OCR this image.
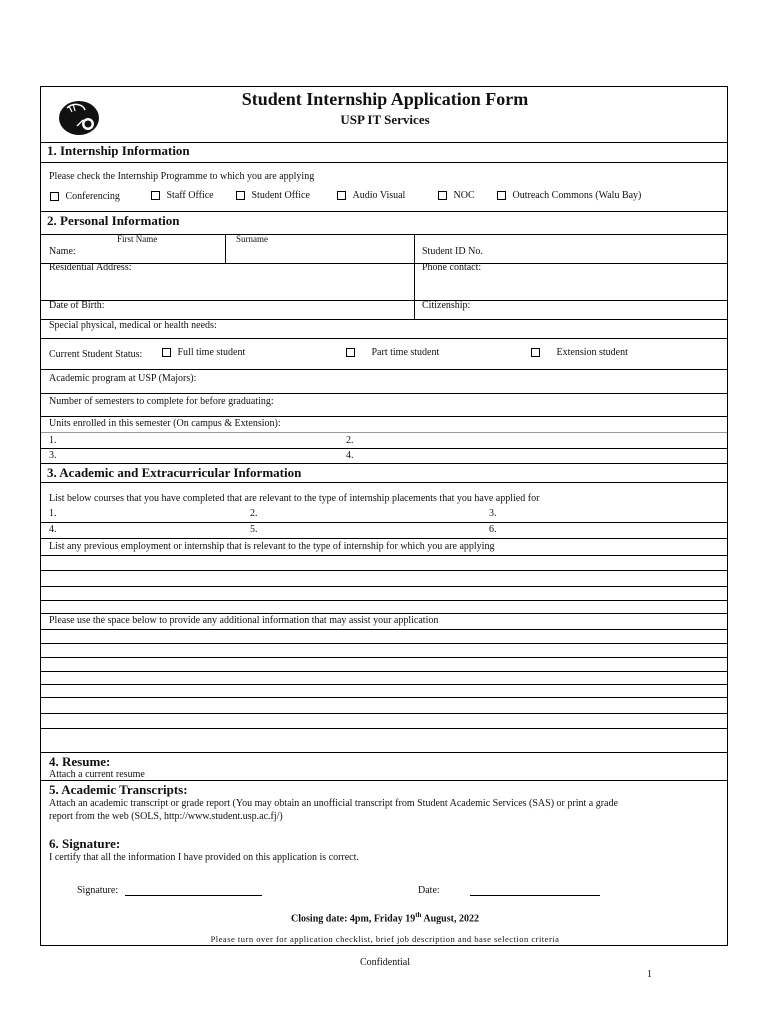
Student Internship Application Form
USP IT Services
1. Internship Information
Please check the Internship Programme to which you are applying
Conferencing	Staff Office	Student Office	Audio Visual	NOC	Outreach Commons (Walu Bay)
2. Personal Information
First Name	Surname
Name:	Student ID No.
Residential Address:	Phone contact:
Date of Birth:	Citizenship:
Special physical, medical or health needs:
Current Student Status:	Full time student	Part time student	Extension student
Academic program at USP (Majors):
Number of semesters to complete for before graduating:
Units enrolled in this semester (On campus & Extension):
1.	2.
3.	4.
3. Academic and Extracurricular Information
List below courses that you have completed that are relevant to the type of internship placements that you have applied for
1.	2.	3.
4.	5.	6.
List any previous employment or internship that is relevant to the type of internship for which you are applying
Please use the space below to provide any additional information that may assist your application
4. Resume:
Attach a current resume
5. Academic Transcripts:
Attach an academic transcript or grade report (You may obtain an unofficial transcript from Student Academic Services (SAS) or print a grade
report from the web (SOLS, http://www.student.usp.ac.fj/)
6. Signature:
I certify that all the information I have provided on this application is correct.
Signature:	Date:
Closing date: 4pm, Friday 19th August, 2022
Please turn over for application checklist, brief job description and base selection criteria
Confidential
1
